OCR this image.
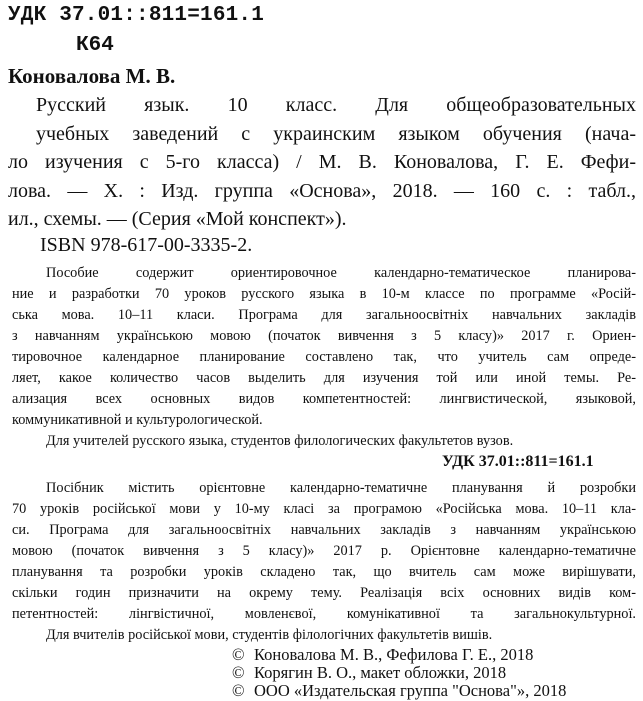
УДК 37.01::811=161.1
К64
Коновалова М. В.
Русский язык. 10 класс. Для общеобразовательных
учебных заведений с украинским языком обучения (нача-
ло изучения с 5-го класса) / М. В. Коновалова, Г. Е. Фефи-
лова. — Х. : Изд. группа «Основа», 2018. — 160 с. : табл.,
ил., схемы. — (Серия «Мой конспект»).
ISBN 978-617-00-3335-2.
Пособие содержит ориентировочное календарно-тематическое планирова-
ние и разработки 70 уроков русского языка в 10-м классе по программе «Росій-
ська мова. 10–11 класи. Програма для загальноосвітніх навчальних закладів
з навчанням українською мовою (початок вивчення з 5 класу)» 2017 г. Ориен-
тировочное календарное планирование составлено так, что учитель сам опреде-
ляет, какое количество часов выделить для изучения той или иной темы. Ре-
ализация всех основных видов компетентностей: лингвистической, языковой,
коммуникативной и культурологической.
Для учителей русского языка, студентов филологических факультетов вузов.
УДК 37.01::811=161.1
Посібник містить орієнтовне календарно-тематичне планування й розробки
70 уроків російської мови у 10-му класі за програмою «Російська мова. 10–11 кла-
си. Програма для загальноосвітніх навчальних закладів з навчанням українською
мовою (початок вивчення з 5 класу)» 2017 р. Орієнтовне календарно-тематичне
планування та розробки уроків складено так, що вчитель сам може вирішувати,
скільки годин призначити на окрему тему. Реалізація всіх основних видів ком-
петентностей: лінгвістичної, мовленєвої, комунікативної та загальнокультурної.
Для вчителів російської мови, студентів філологічних факультетів вишів.
© Коновалова М. В., Фефилова Г. Е., 2018
© Корягин В. О., макет обложки, 2018
© ООО «Издательская группа "Основа"», 2018
